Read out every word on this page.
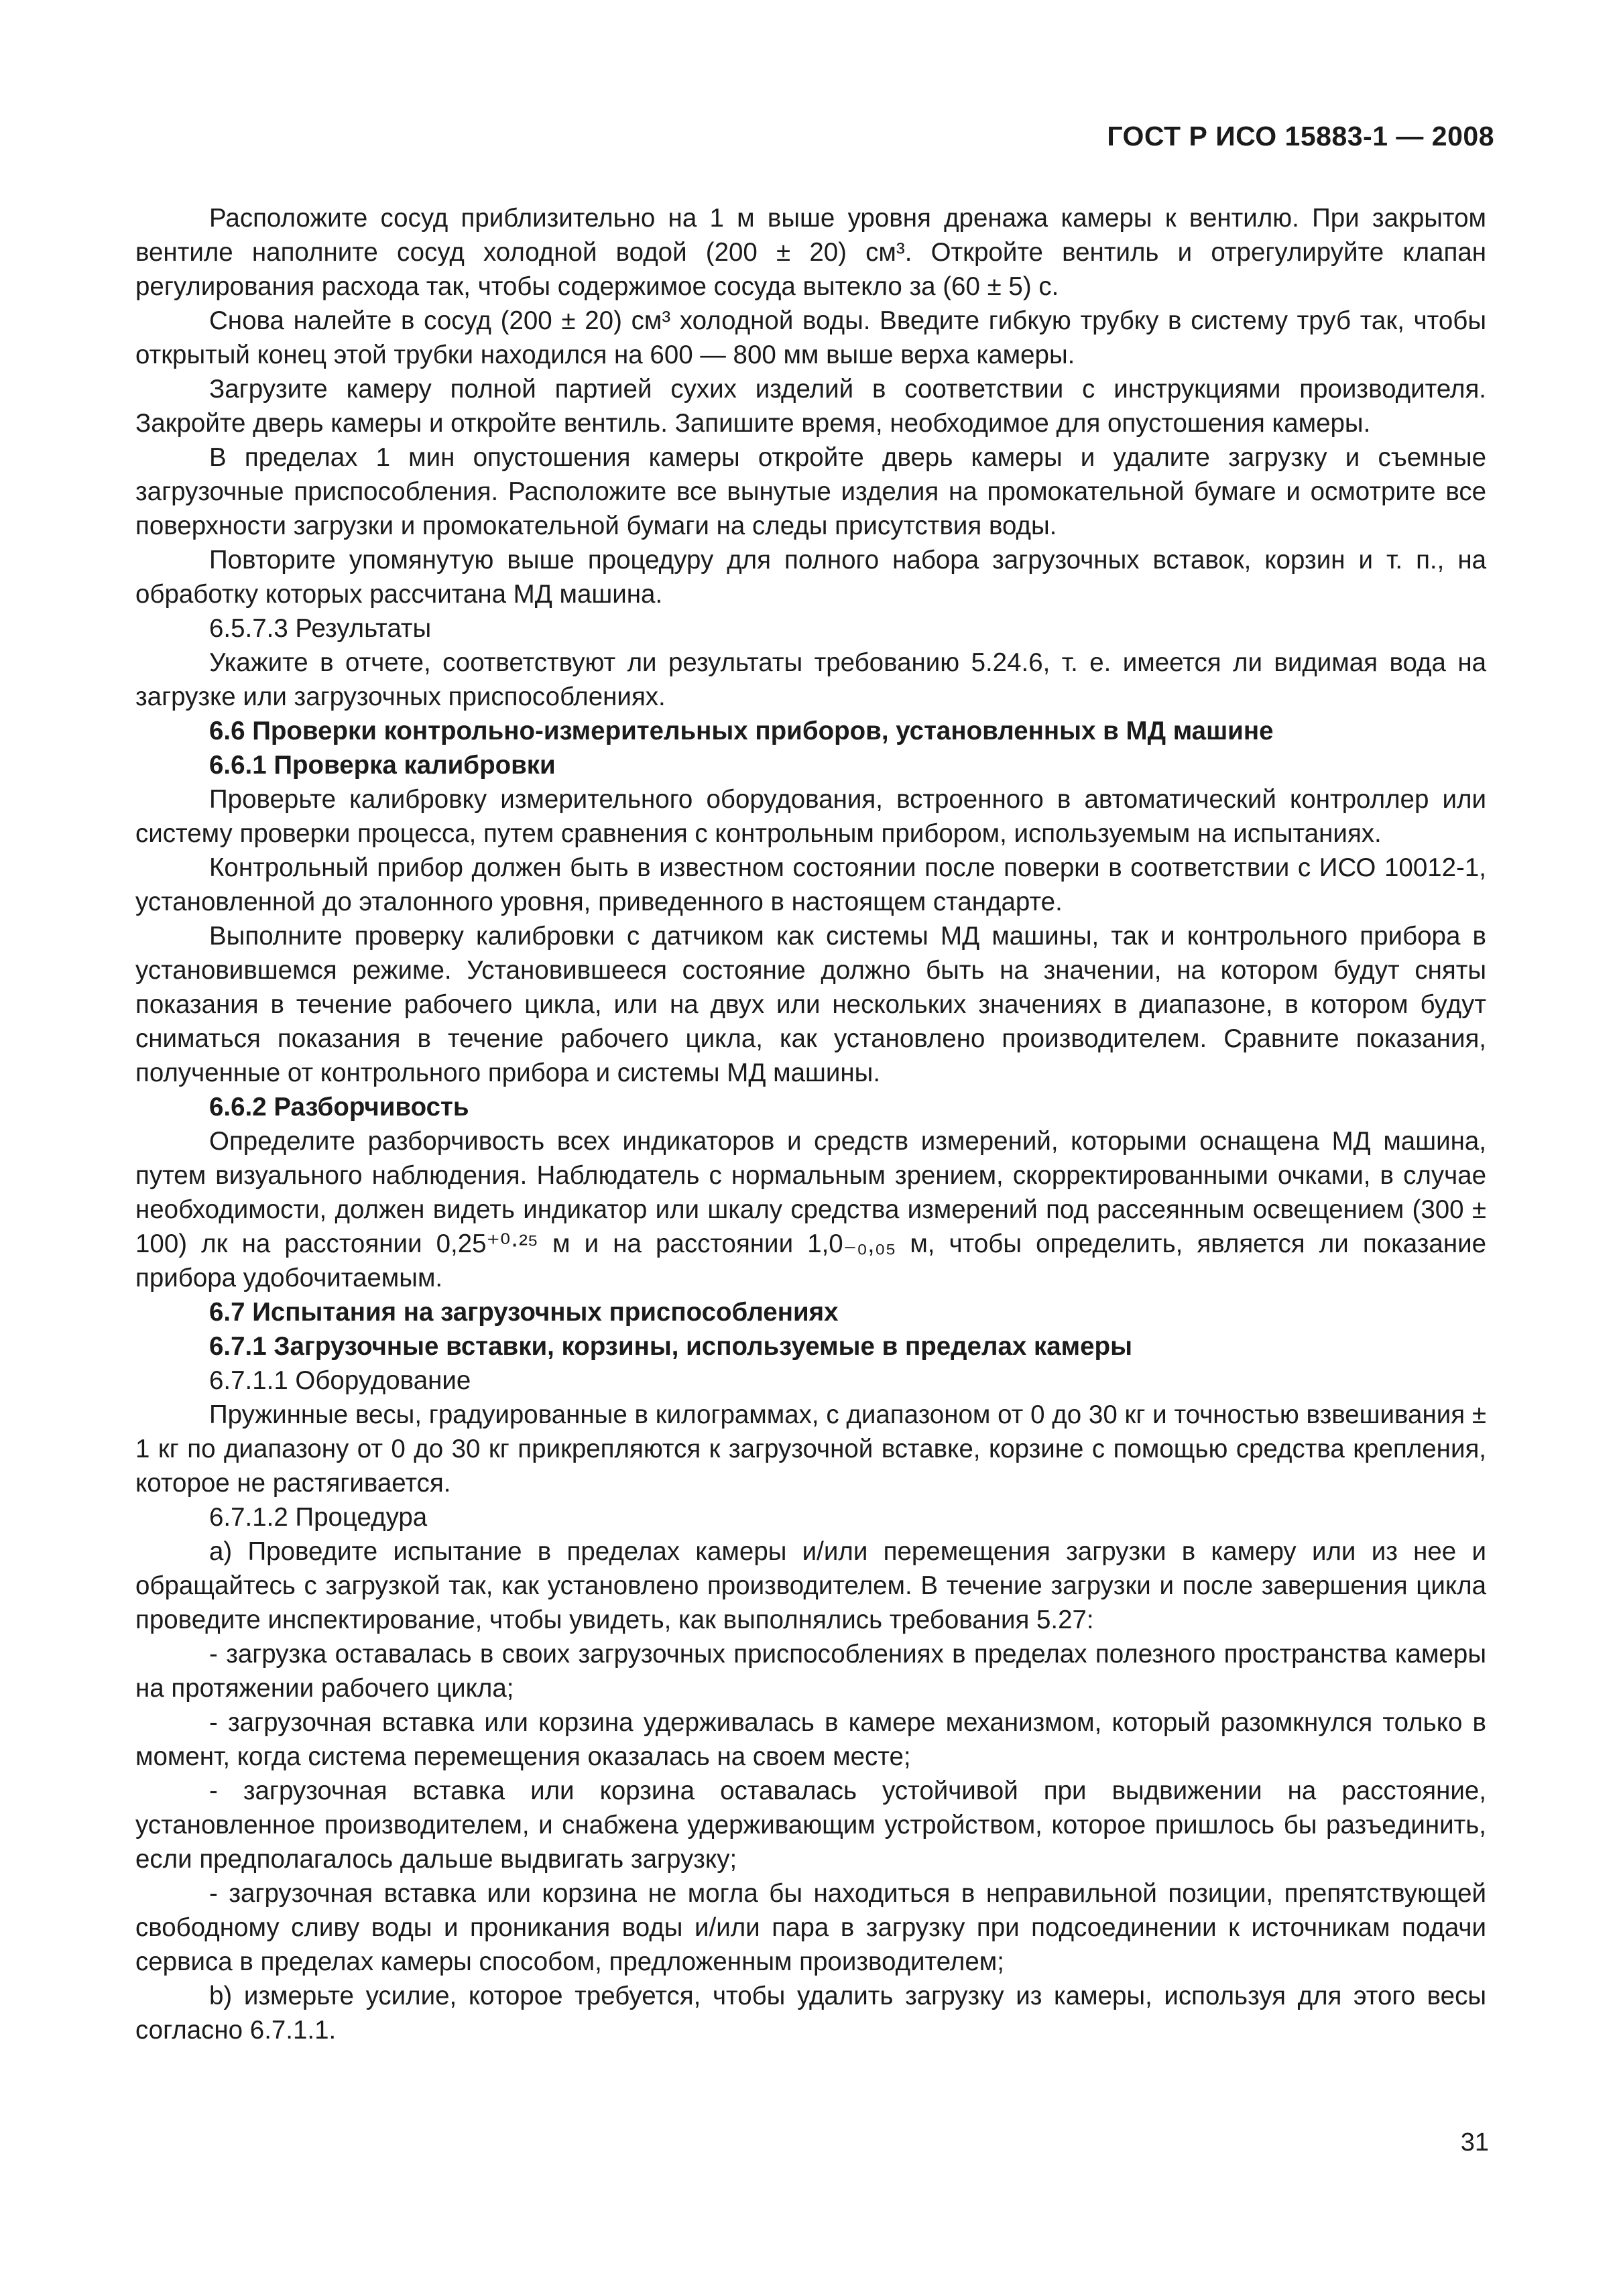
ГОСТ Р ИСО 15883-1 — 2008

Расположите сосуд приблизительно на 1 м выше уровня дренажа камеры к вентилю. При закрытом вентиле наполните сосуд холодной водой (200 ± 20) см³. Откройте вентиль и отрегулируйте клапан регулирования расхода так, чтобы содержимое сосуда вытекло за (60 ± 5) с.

Снова налейте в сосуд (200 ± 20) см³ холодной воды. Введите гибкую трубку в систему труб так, чтобы открытый конец этой трубки находился на 600 — 800 мм выше верха камеры.

Загрузите камеру полной партией сухих изделий в соответствии с инструкциями производителя. Закройте дверь камеры и откройте вентиль. Запишите время, необходимое для опустошения камеры.

В пределах 1 мин опустошения камеры откройте дверь камеры и удалите загрузку и съемные загрузочные приспособления. Расположите все вынутые изделия на промокательной бумаге и осмотрите все поверхности загрузки и промокательной бумаги на следы присутствия воды.

Повторите упомянутую выше процедуру для полного набора загрузочных вставок, корзин и т. п., на обработку которых рассчитана МД машина.

6.5.7.3 Результаты

Укажите в отчете, соответствуют ли результаты требованию 5.24.6, т. е. имеется ли видимая вода на загрузке или загрузочных приспособлениях.

6.6 Проверки контрольно-измерительных приборов, установленных в МД машине

6.6.1 Проверка калибровки

Проверьте калибровку измерительного оборудования, встроенного в автоматический контроллер или систему проверки процесса, путем сравнения с контрольным прибором, используемым на испытаниях.

Контрольный прибор должен быть в известном состоянии после поверки в соответствии с ИСО 10012-1, установленной до эталонного уровня, приведенного в настоящем стандарте.

Выполните проверку калибровки с датчиком как системы МД машины, так и контрольного прибора в установившемся режиме. Установившееся состояние должно быть на значении, на котором будут сняты показания в течение рабочего цикла, или на двух или нескольких значениях в диапазоне, в котором будут сниматься показания в течение рабочего цикла, как установлено производителем. Сравните показания, полученные от контрольного прибора и системы МД машины.

6.6.2 Разборчивость

Определите разборчивость всех индикаторов и средств измерений, которыми оснащена МД машина, путем визуального наблюдения. Наблюдатель с нормальным зрением, скорректированными очками, в случае необходимости, должен видеть индикатор или шкалу средства измерений под рассеянным освещением (300 ± 100) лк на расстоянии 0,25⁺⁰·²⁵ м и на расстоянии 1,0₋₀,₀₅ м, чтобы определить, является ли показание прибора удобочитаемым.

6.7 Испытания на загрузочных приспособлениях

6.7.1 Загрузочные вставки, корзины, используемые в пределах камеры

6.7.1.1 Оборудование

Пружинные весы, градуированные в килограммах, с диапазоном от 0 до 30 кг и точностью взвешивания ± 1 кг по диапазону от 0 до 30 кг прикрепляются к загрузочной вставке, корзине с помощью средства крепления, которое не растягивается.

6.7.1.2 Процедура

a) Проведите испытание в пределах камеры и/или перемещения загрузки в камеру или из нее и обращайтесь с загрузкой так, как установлено производителем. В течение загрузки и после завершения цикла проведите инспектирование, чтобы увидеть, как выполнялись требования 5.27:

- загрузка оставалась в своих загрузочных приспособлениях в пределах полезного пространства камеры на протяжении рабочего цикла;

- загрузочная вставка или корзина удерживалась в камере механизмом, который разомкнулся только в момент, когда система перемещения оказалась на своем месте;

- загрузочная вставка или корзина оставалась устойчивой при выдвижении на расстояние, установленное производителем, и снабжена удерживающим устройством, которое пришлось бы разъединить, если предполагалось дальше выдвигать загрузку;

- загрузочная вставка или корзина не могла бы находиться в неправильной позиции, препятствующей свободному сливу воды и проникания воды и/или пара в загрузку при подсоединении к источникам подачи сервиса в пределах камеры способом, предложенным производителем;

b) измерьте усилие, которое требуется, чтобы удалить загрузку из камеры, используя для этого весы согласно 6.7.1.1.

31
